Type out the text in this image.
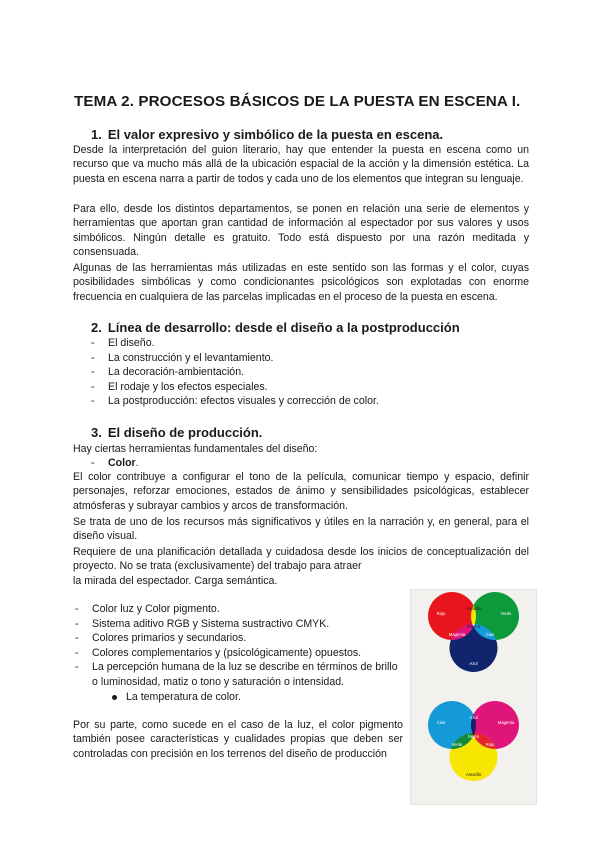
TEMA 2. PROCESOS BÁSICOS DE LA PUESTA EN ESCENA I.
1. El valor expresivo y simbólico de la puesta en escena.

Desde la interpretación del guion literario, hay que entender la puesta en escena como un recurso que va mucho más allá de la ubicación espacial de la acción y la dimensión estética. La puesta en escena narra a partir de todos y cada uno de los elementos que integran su lenguaje.

Para ello, desde los distintos departamentos, se ponen en relación una serie de elementos y herramientas que aportan gran cantidad de información al espectador por sus valores y usos simbólicos. Ningún detalle es gratuito. Todo está dispuesto por una razón meditada y consensuada.

Algunas de las herramientas más utilizadas en este sentido son las formas y el color, cuyas posibilidades simbólicas y como condicionantes psicológicos son explotadas con enorme frecuencia en cualquiera de las parcelas implicadas en el proceso de la puesta en escena.

2. Línea de desarrollo: desde el diseño a la postproducción
- El diseño.
- La construcción y el levantamiento.
- La decoración-ambientación.
- El rodaje y los efectos especiales.
- La postproducción: efectos visuales y corrección de color.
3. El diseño de producción.
Hay ciertas herramientas fundamentales del diseño:
- Color.

El color contribuye a configurar el tono de la película, comunicar tiempo y espacio, definir personajes, reforzar emociones, estados de ánimo y sensibilidades psicológicas, establecer atmósferas y subrayar cambios y arcos de transformación.

Se trata de uno de los recursos más significativos y útiles en la narración y, en general, para el diseño visual.

Requiere de una planificación detallada y cuidadosa desde los inicios de conceptualización del proyecto. No se trata (exclusivamente) del trabajo para atraer

la mirada del espectador. Carga semántica.

- Color luz y Color pigmento.
- Sistema aditivo RGB y Sistema sustractivo CMYK.
- Colores primarios y secundarios.
- Colores complementarios y (psicológicamente) opuestos.
- La percepción humana de la luz se describe en términos de brillo o luminosidad, matiz o tono y saturación o intensidad.
La temperatura de color.

Por su parte, como sucede en el caso de la luz, el color pigmento también posee características y cualidades propias que deben ser controladas con precisión en los terrenos del diseño de producción

Rojo	Verde
Azul
Amarillo
Magenta	Cian
Blanco
Cian	Magenta
Amarillo
Azul
Verde	Rojo
Negro
